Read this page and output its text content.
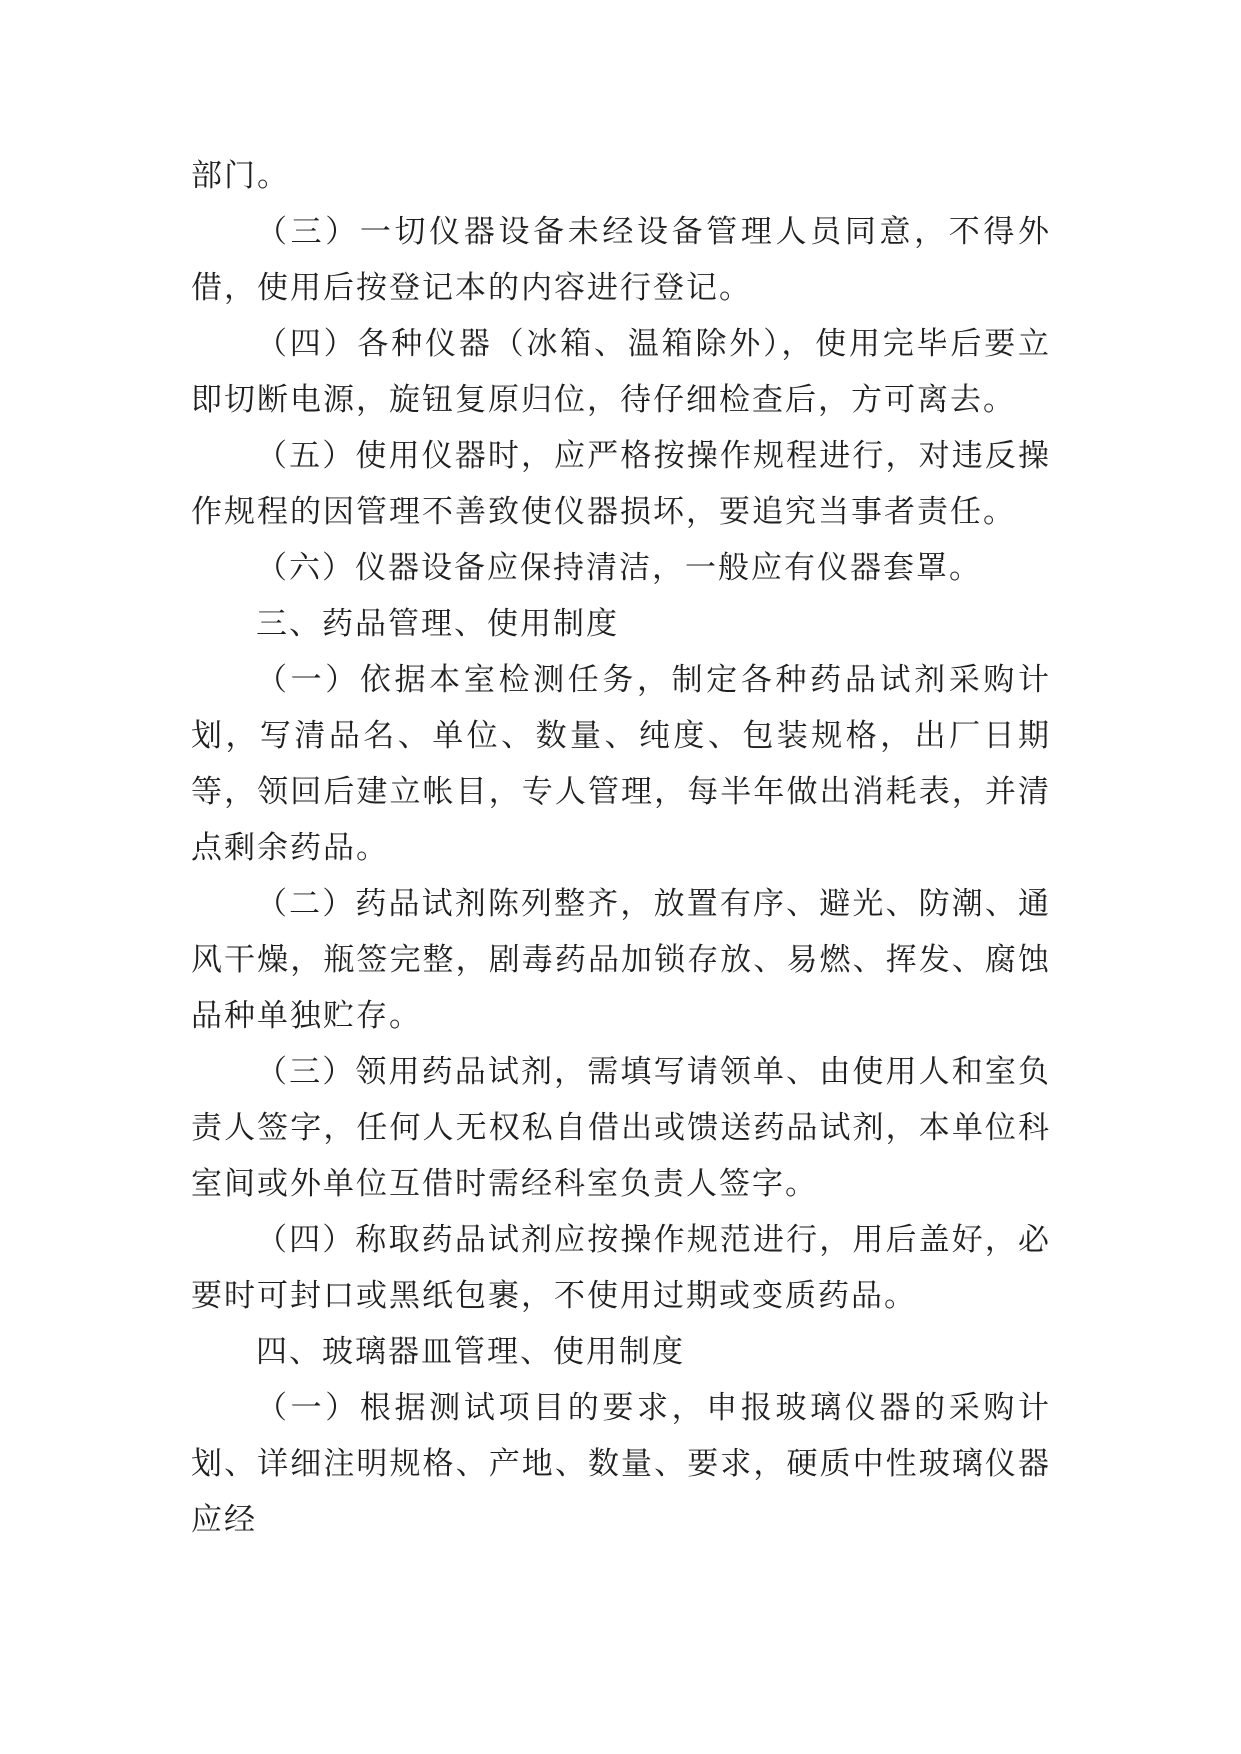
部门。

（三）一切仪器设备未经设备管理人员同意，不得外借，使用后按登记本的内容进行登记。

（四）各种仪器（冰箱、温箱除外），使用完毕后要立即切断电源，旋钮复原归位，待仔细检查后，方可离去。

（五）使用仪器时，应严格按操作规程进行，对违反操作规程的因管理不善致使仪器损坏，要追究当事者责任。

（六）仪器设备应保持清洁，一般应有仪器套罩。

三、药品管理、使用制度

（一）依据本室检测任务，制定各种药品试剂采购计划，写清品名、单位、数量、纯度、包装规格，出厂日期等，领回后建立帐目，专人管理，每半年做出消耗表，并清点剩余药品。

（二）药品试剂陈列整齐，放置有序、避光、防潮、通风干燥，瓶签完整，剧毒药品加锁存放、易燃、挥发、腐蚀品种单独贮存。

（三）领用药品试剂，需填写请领单、由使用人和室负责人签字，任何人无权私自借出或馈送药品试剂，本单位科室间或外单位互借时需经科室负责人签字。

（四）称取药品试剂应按操作规范进行，用后盖好，必要时可封口或黑纸包裹，不使用过期或变质药品。

四、玻璃器皿管理、使用制度

（一）根据测试项目的要求，申报玻璃仪器的采购计划、详细注明规格、产地、数量、要求，硬质中性玻璃仪器应经
